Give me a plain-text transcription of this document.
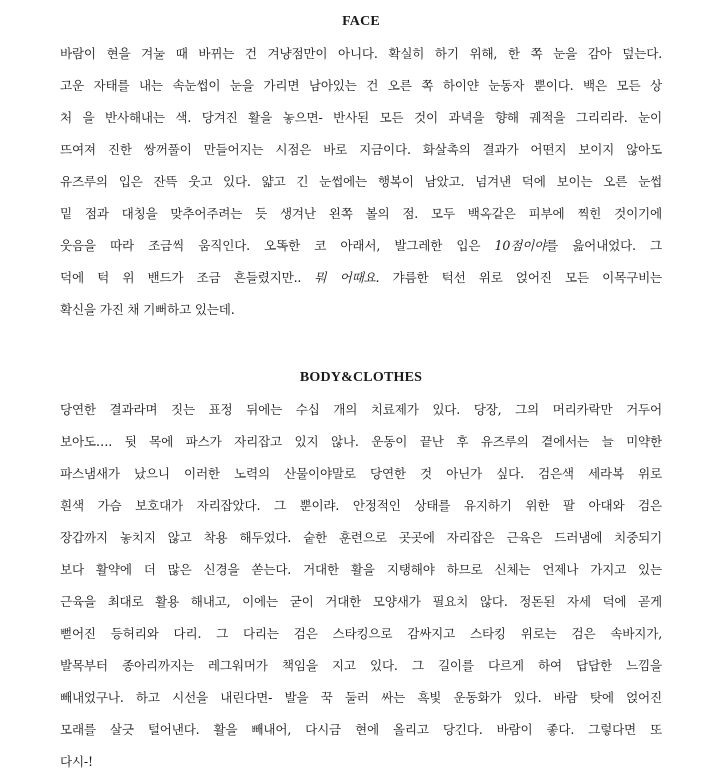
FACE
바람이 현을 겨눌 때 바뀌는 건 겨냥점만이 아니다. 확실히 하기 위해, 한 쪽 눈을 감아 덮는다.
고운 자태를 내는 속눈썹이 눈을 가리면 남아있는 건 오른 쪽 하이얀 눈동자 뿐이다. 백은 모든 상
처 을 반사해내는 색. 당겨진 활을 놓으면- 반사된 모든 것이 과녁을 향해 궤적을 그리리라. 눈이
뜨여져 진한 쌍꺼풀이 만들어지는 시점은 바로 지금이다. 화살촉의 결과가 어떤지 보이지 않아도
유즈루의 입은 잔뜩 웃고 있다. 얇고 긴 눈썹에는 행복이 남았고. 넘겨낸 덕에 보이는 오른 눈썹
밑 점과 대칭을 맞추어주려는 듯 생겨난 왼쪽 볼의 점. 모두 백옥같은 피부에 찍힌 것이기에
웃음을 따라 조금씩 움직인다. 오똑한 코 아래서, 발그레한 입은 10점이야를 읊어내었다. 그
덕에 턱 위 밴드가 조금 흔들렸지만.. 뭐 어때요. 갸름한 턱선 위로 얹어진 모든 이목구비는
확신을 가진 채 기뻐하고 있는데.
BODY&CLOTHES
당연한 결과라며 짓는 표정 뒤에는 수십 개의 치료제가 있다. 당장, 그의 머리카락만 거두어
보아도…. 뒷 목에 파스가 자리잡고 있지 않나. 운동이 끝난 후 유즈루의 곁에서는 늘 미약한
파스냄새가 났으니 이러한 노력의 산물이야말로 당연한 것 아닌가 싶다. 검은색 세라복 위로
흰색 가슴 보호대가 자리잡았다. 그 뿐이랴. 안정적인 상태를 유지하기 위한 팔 아대와 검은
장갑까지 놓치지 않고 착용 해두었다. 숱한 훈련으로 곳곳에 자리잡은 근육은 드러냄에 치중되기
보다 활약에 더 많은 신경을 쏟는다. 거대한 활을 지탱해야 하므로 신체는 언제나 가지고 있는
근육을 최대로 활용 해내고, 이에는 굳이 거대한 모양새가 필요치 않다. 정돈된 자세 덕에 곧게
뻗어진 등허리와 다리. 그 다리는 검은 스타킹으로 감싸지고 스타킹 위로는 검은 속바지가,
발목부터 종아리까지는 레그워머가 책임을 지고 있다. 그 길이를 다르게 하여 답답한 느낌을
빼내었구나. 하고 시선을 내린다면- 발을 꾹 둘러 싸는 흑빛 운동화가 있다. 바람 탓에 얹어진
모래를 살긋 털어낸다. 활을 빼내어, 다시금 현에 올리고 당긴다. 바람이 좋다. 그렇다면 또
다시-!
